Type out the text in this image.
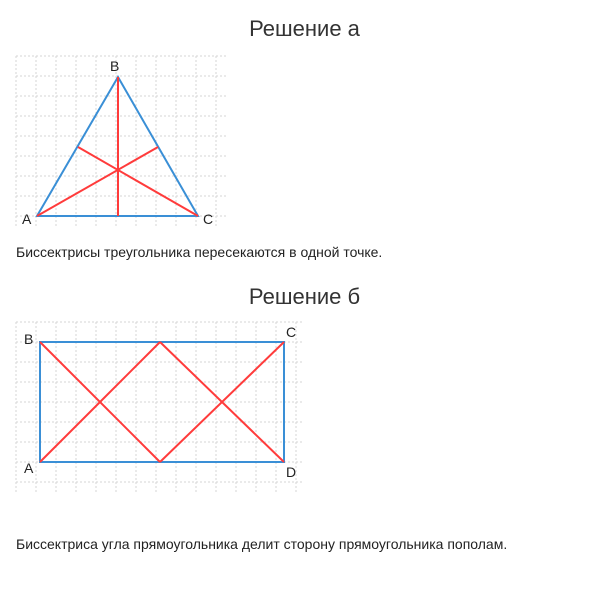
Решение а
B
A	C
B	C
A	D
Биссектрисы треугольника пересекаются в одной точке.
Решение б
Биссектриса угла прямоугольника делит сторону прямоугольника пополам.
